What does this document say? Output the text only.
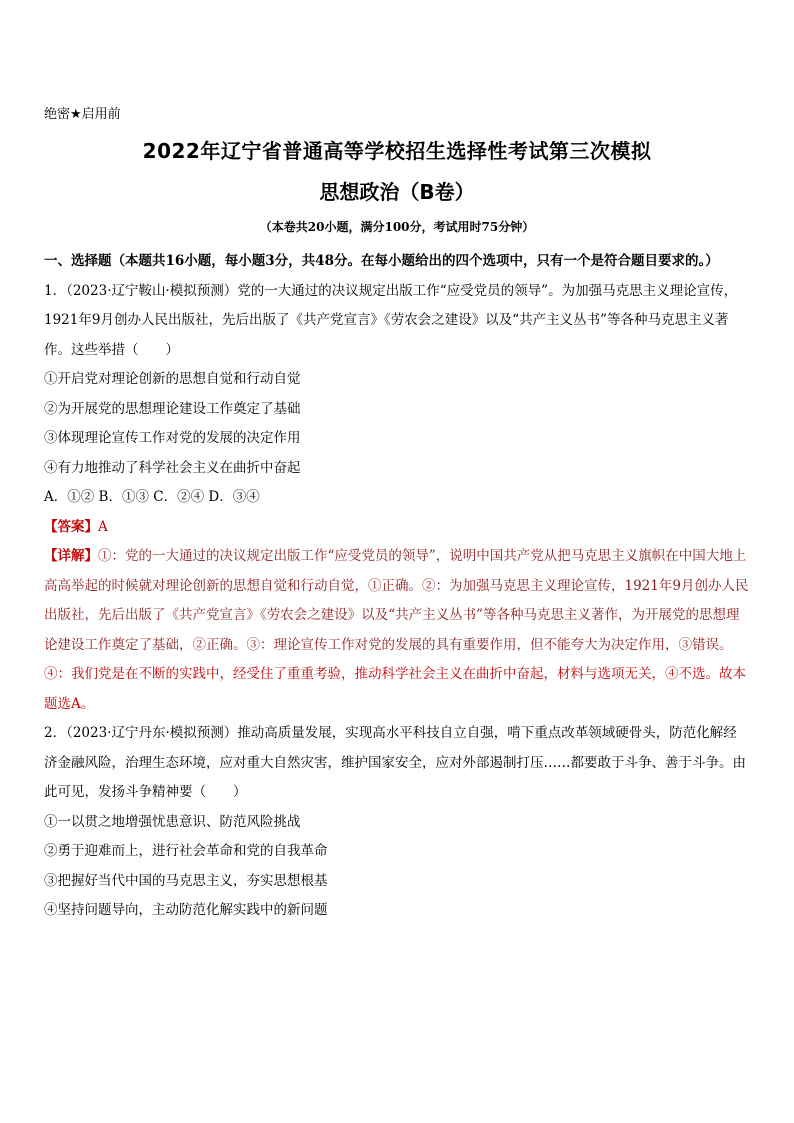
绝密★启用前
2022年辽宁省普通高等学校招生选择性考试第三次模拟
思想政治（B卷）
（本卷共20小题，满分100分，考试用时75分钟）

一、选择题（本题共16小题，每小题3分，共48分。在每小题给出的四个选项中，只有一个是符合题目要求的。）

1．（2023·辽宁鞍山·模拟预测）党的一大通过的决议规定出版工作“应受党员的领导”。为加强马克思主义理论宣传，1921年9月创办人民出版社，先后出版了《共产党宣言》《劳农会之建设》以及“共产主义丛书”等各种马克思主义著作。这些举措（　　）

①开启党对理论创新的思想自觉和行动自觉

②为开展党的思想理论建设工作奠定了基础

③体现理论宣传工作对党的发展的决定作用

④有力地推动了科学社会主义在曲折中奋起

A．①② B．①③ C．②④ D．③④

【答案】A

【详解】①：党的一大通过的决议规定出版工作“应受党员的领导”，说明中国共产党从把马克思主义旗帜在中国大地上高高举起的时候就对理论创新的思想自觉和行动自觉，①正确。②：为加强马克思主义理论宣传，1921年9月创办人民出版社，先后出版了《共产党宣言》《劳农会之建设》以及“共产主义丛书”等各种马克思主义著作，为开展党的思想理论建设工作奠定了基础，②正确。③：理论宣传工作对党的发展的具有重要作用，但不能夸大为决定作用，③错误。④：我们党是在不断的实践中，经受住了重重考验，推动科学社会主义在曲折中奋起，材料与选项无关，④不选。故本题选A。

2．（2023·辽宁丹东·模拟预测）推动高质量发展，实现高水平科技自立自强，啃下重点改革领域硬骨头，防范化解经济金融风险，治理生态环境，应对重大自然灾害，维护国家安全，应对外部遏制打压……都要敢于斗争、善于斗争。由此可见，发扬斗争精神要（　　）

①一以贯之地增强忧患意识、防范风险挑战

②勇于迎难而上，进行社会革命和党的自我革命

③把握好当代中国的马克思主义，夯实思想根基

④坚持问题导向，主动防范化解实践中的新问题
